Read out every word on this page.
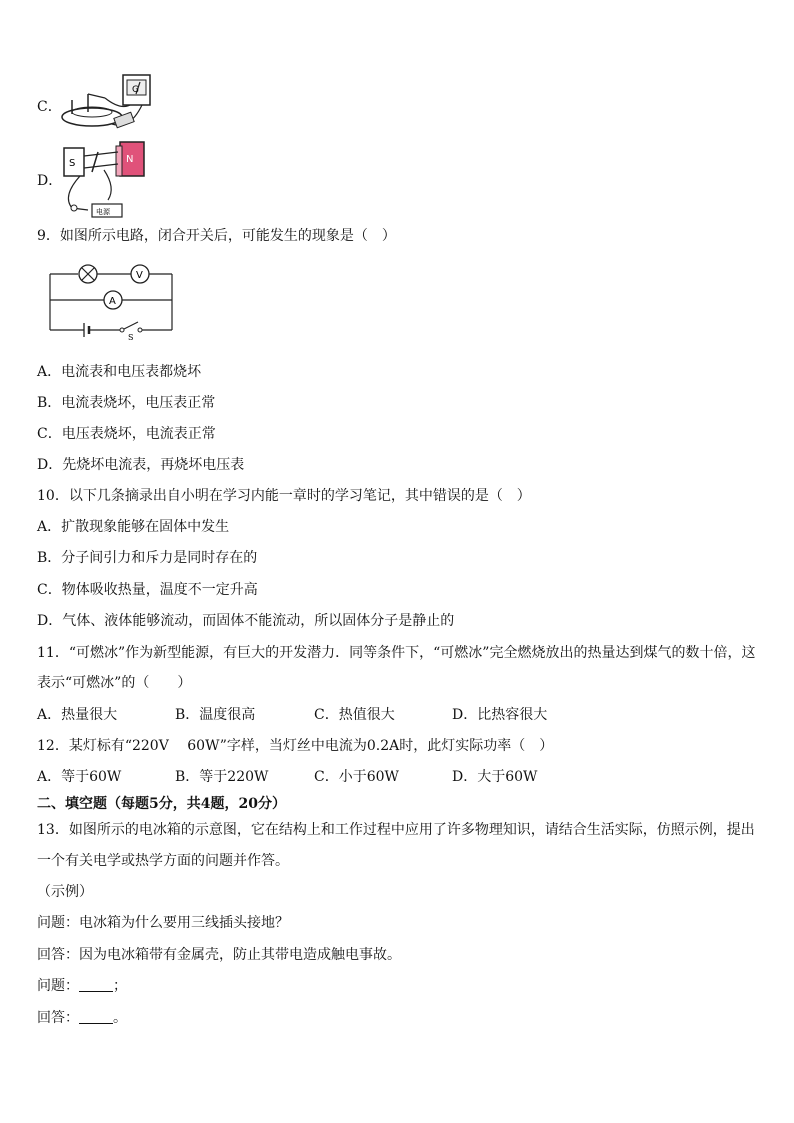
C．
G
D．
S	N
电源
9．如图所示电路，闭合开关后，可能发生的现象是（　）
V
A
S
A．电流表和电压表都烧坏
B．电流表烧坏，电压表正常
C．电压表烧坏，电流表正常
D．先烧坏电流表，再烧坏电压表
10．以下几条摘录出自小明在学习内能一章时的学习笔记，其中错误的是（　）
A．扩散现象能够在固体中发生
B．分子间引力和斥力是同时存在的
C．物体吸收热量，温度不一定升高
D．气体、液体能够流动，而固体不能流动，所以固体分子是静止的
11．“可燃冰”作为新型能源，有巨大的开发潜力．同等条件下，“可燃冰”完全燃烧放出的热量达到煤气的数十倍，这
表示“可燃冰”的（　　）
A．热量很大	B．温度很高	C．热值很大	D．比热容很大
12．某灯标有“220V　 60W”字样，当灯丝中电流为0.2A时，此灯实际功率（　）
A．等于60W	B．等于220W	C．小于60W	D．大于60W
二、填空题（每题5分，共4题，20分）
13．如图所示的电冰箱的示意图，它在结构上和工作过程中应用了许多物理知识，请结合生活实际，仿照示例，提出
一个有关电学或热学方面的问题并作答。
（示例）
问题：电冰箱为什么要用三线插头接地？
回答：因为电冰箱带有金属壳，防止其带电造成触电事故。
问题： ；
回答： 。
